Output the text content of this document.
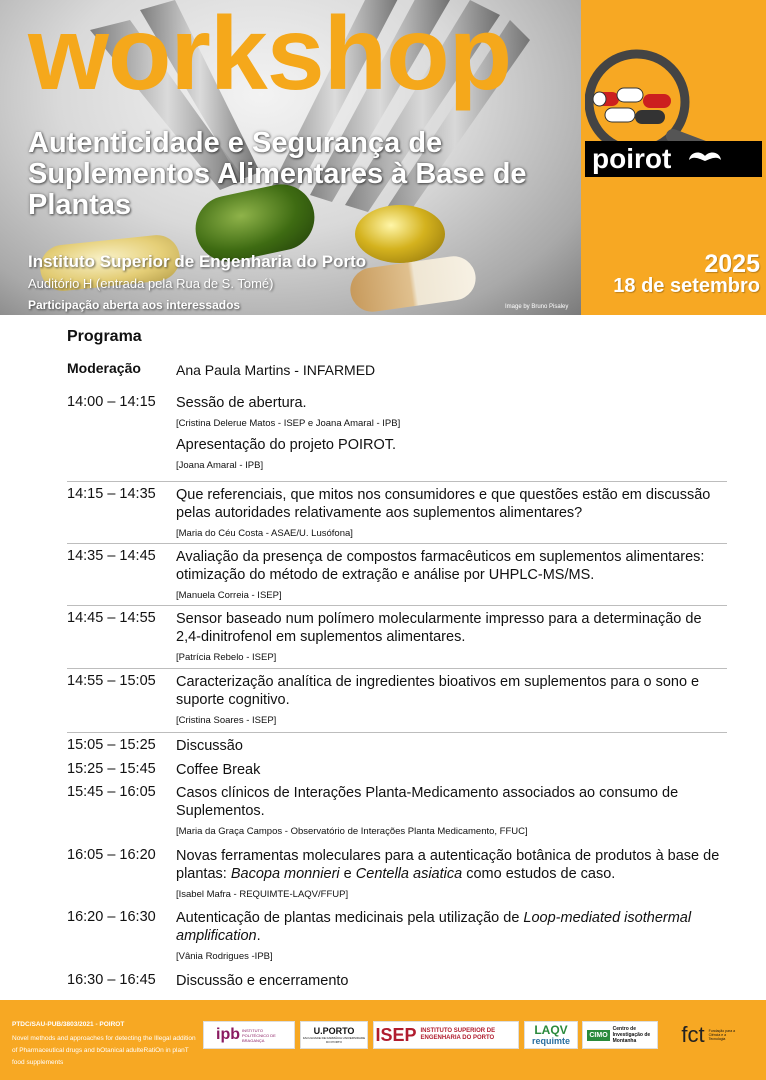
workshop
Autenticidade e Segurança de Suplementos Alimentares à Base de Plantas
Instituto Superior de Engenharia do Porto
Auditório H (entrada pela Rua de S. Tomé)
Participação aberta aos interessados	Image by Bruno Pisaley
poirot
2025
18 de setembro
Programa
Moderação	Ana Paula Martins - INFARMED
14:00 – 14:15	Sessão de abertura.
[Cristina Delerue Matos - ISEP e Joana Amaral - IPB]
Apresentação do projeto POIROT.
[Joana Amaral - IPB]
14:15 – 14:35	Que referenciais, que mitos nos consumidores e que questões estão em discussão pelas autoridades relativamente aos suplementos alimentares?
[Maria do Céu Costa - ASAE/U. Lusófona]
14:35 – 14:45	Avaliação da presença de compostos farmacêuticos em suplementos alimentares: otimização do método de extração e análise por UHPLC-MS/MS.
[Manuela Correia - ISEP]
14:45 – 14:55	Sensor baseado num polímero molecularmente impresso para a determinação de 2,4-dinitrofenol em suplementos alimentares.
[Patrícia Rebelo - ISEP]
14:55 – 15:05	Caracterização analítica de ingredientes bioativos em suplementos para o sono e suporte cognitivo.
[Cristina Soares - ISEP]
15:05 – 15:25	Discussão
15:25 – 15:45	Coffee Break
15:45 – 16:05	Casos clínicos de Interações Planta-Medicamento associados ao consumo de Suplementos.
[Maria da Graça Campos - Observatório de Interações Planta Medicamento, FFUC]
16:05 – 16:20	Novas ferramentas moleculares para a autenticação botânica de produtos à base de plantas: Bacopa monnieri e Centella asiatica como estudos de caso.
[Isabel Mafra - REQUIMTE-LAQV/FFUP]
16:20 – 16:30	Autenticação de plantas medicinais pela utilização de Loop-mediated isothermal amplification.
[Vânia Rodrigues -IPB]
16:30 – 16:45	Discussão e encerramento
PTDC/SAU-PUB/3803/2021 - POIROT
Novel methods and approaches for detecting the Illegal addition of Pharmaceutical drugs and bOtanical adulteRatiOn in planT food supplements
ipb INSTITUTO POLITÉCNICO DE BRAGANÇA
U.PORTO
FACULDADE DE FARMÁCIA UNIVERSIDADE DO PORTO	ISEP INSTITUTO SUPERIOR DE ENGENHARIA DO PORTO
LAQV
requimte
CIMO
Centro de Investigação de Montanha	fct Fundação para a Ciência e a Tecnologia
